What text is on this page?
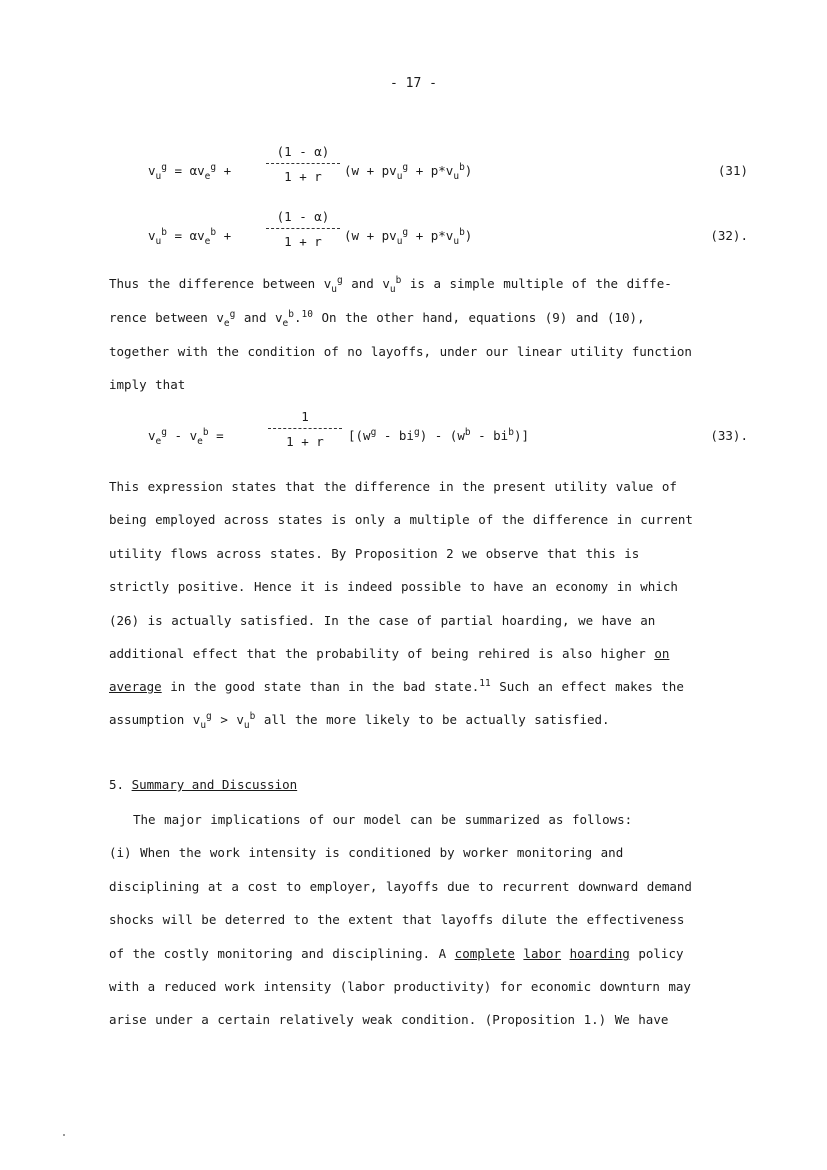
- 17 -
$v_u^g = \alpha v_e^g$ +
(1 - α)
1 + r	$(w + pv_u^g + p*v_u^b)$	(31)
$v_u^b = \alpha v_e^b$ +
(1 - α)
1 + r	$(w + pv_u^g + p*v_u^b)$	(32).
Thus the difference between $v_u^g$ and $v_u^b$ is a simple multiple of the diffe-
rence between $v_e^g$ and $v_e^b.^{10}$ On the other hand, equations (9) and (10),
together with the condition of no layoffs, under our linear utility function
imply that
$v_e^g - v_e^b$ =
1
1 + r	$[(w^g - bi^g) - (w^b - bi^b)]$	(33).
This expression states that the difference in the present utility value of
being employed across states is only a multiple of the difference in current
utility flows across states. By Proposition 2 we observe that this is
strictly positive. Hence it is indeed possible to have an economy in which
(26) is actually satisfied. In the case of partial hoarding, we have an
additional effect that the probability of being rehired is also higher on
average in the good state than in the bad state.$^{11}$ Such an effect makes the
assumption $v_u^g > v_u^b$ all the more likely to be actually satisfied.
5. Summary and Discussion
The major implications of our model can be summarized as follows:
(i) When the work intensity is conditioned by worker monitoring and
disciplining at a cost to employer, layoffs due to recurrent downward demand
shocks will be deterred to the extent that layoffs dilute the effectiveness
of the costly monitoring and disciplining. A complete labor hoarding policy
with a reduced work intensity (labor productivity) for economic downturn may
arise under a certain relatively weak condition. (Proposition 1.) We have
